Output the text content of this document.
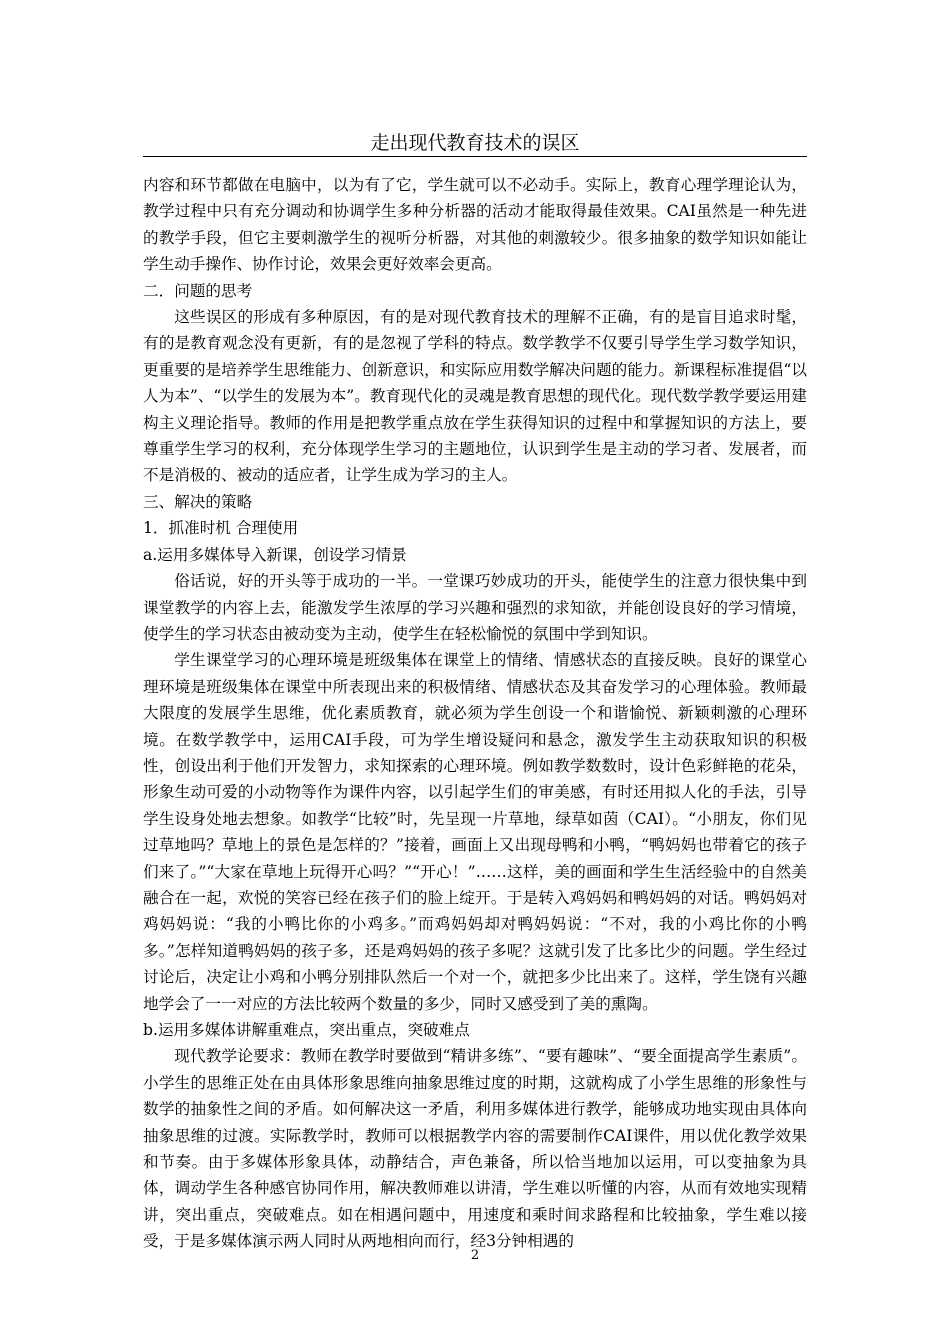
走出现代教育技术的误区

内容和环节都做在电脑中，以为有了它，学生就可以不必动手。实际上，教育心理学理论认为，教学过程中只有充分调动和协调学生多种分析器的活动才能取得最佳效果。CAI虽然是一种先进的教学手段，但它主要刺激学生的视听分析器，对其他的刺激较少。很多抽象的数学知识如能让学生动手操作、协作讨论，效果会更好效率会更高。

二．问题的思考

这些误区的形成有多种原因，有的是对现代教育技术的理解不正确，有的是盲目追求时髦，有的是教育观念没有更新，有的是忽视了学科的特点。数学教学不仅要引导学生学习数学知识，更重要的是培养学生思维能力、创新意识，和实际应用数学解决问题的能力。新课程标准提倡“以人为本”、“以学生的发展为本”。教育现代化的灵魂是教育思想的现代化。现代数学教学要运用建构主义理论指导。教师的作用是把教学重点放在学生获得知识的过程中和掌握知识的方法上，要尊重学生学习的权利，充分体现学生学习的主题地位，认识到学生是主动的学习者、发展者，而不是消极的、被动的适应者，让学生成为学习的主人。

三、解决的策略

1．抓准时机 合理使用

a.运用多媒体导入新课，创设学习情景

俗话说，好的开头等于成功的一半。一堂课巧妙成功的开头，能使学生的注意力很快集中到课堂教学的内容上去，能激发学生浓厚的学习兴趣和强烈的求知欲，并能创设良好的学习情境，使学生的学习状态由被动变为主动，使学生在轻松愉悦的氛围中学到知识。

学生课堂学习的心理环境是班级集体在课堂上的情绪、情感状态的直接反映。良好的课堂心理环境是班级集体在课堂中所表现出来的积极情绪、情感状态及其奋发学习的心理体验。教师最大限度的发展学生思维，优化素质教育，就必须为学生创设一个和谐愉悦、新颖刺激的心理环境。在数学教学中，运用CAI手段，可为学生增设疑问和悬念，激发学生主动获取知识的积极性，创设出利于他们开发智力，求知探索的心理环境。例如教学数数时，设计色彩鲜艳的花朵，形象生动可爱的小动物等作为课件内容，以引起学生们的审美感，有时还用拟人化的手法，引导学生设身处地去想象。如教学“比较”时，先呈现一片草地，绿草如茵（CAI）。“小朋友，你们见过草地吗？草地上的景色是怎样的？”接着，画面上又出现母鸭和小鸭，“鸭妈妈也带着它的孩子们来了。”“大家在草地上玩得开心吗？”“开心！”……这样，美的画面和学生生活经验中的自然美融合在一起，欢悦的笑容已经在孩子们的脸上绽开。于是转入鸡妈妈和鸭妈妈的对话。鸭妈妈对鸡妈妈说：“我的小鸭比你的小鸡多。”而鸡妈妈却对鸭妈妈说：“不对，我的小鸡比你的小鸭多。”怎样知道鸭妈妈的孩子多，还是鸡妈妈的孩子多呢？这就引发了比多比少的问题。学生经过讨论后，决定让小鸡和小鸭分别排队然后一个对一个，就把多少比出来了。这样，学生饶有兴趣地学会了一一对应的方法比较两个数量的多少，同时又感受到了美的熏陶。

b.运用多媒体讲解重难点，突出重点，突破难点

现代教学论要求：教师在教学时要做到“精讲多练”、“要有趣味”、“要全面提高学生素质”。小学生的思维正处在由具体形象思维向抽象思维过度的时期，这就构成了小学生思维的形象性与数学的抽象性之间的矛盾。如何解决这一矛盾，利用多媒体进行教学，能够成功地实现由具体向抽象思维的过渡。实际教学时，教师可以根据教学内容的需要制作CAI课件，用以优化教学效果和节奏。由于多媒体形象具体，动静结合，声色兼备，所以恰当地加以运用，可以变抽象为具体，调动学生各种感官协同作用，解决教师难以讲清，学生难以听懂的内容，从而有效地实现精讲，突出重点，突破难点。如在相遇问题中，用速度和乘时间求路程和比较抽象，学生难以接受，于是多媒体演示两人同时从两地相向而行，经3分钟相遇的

2
